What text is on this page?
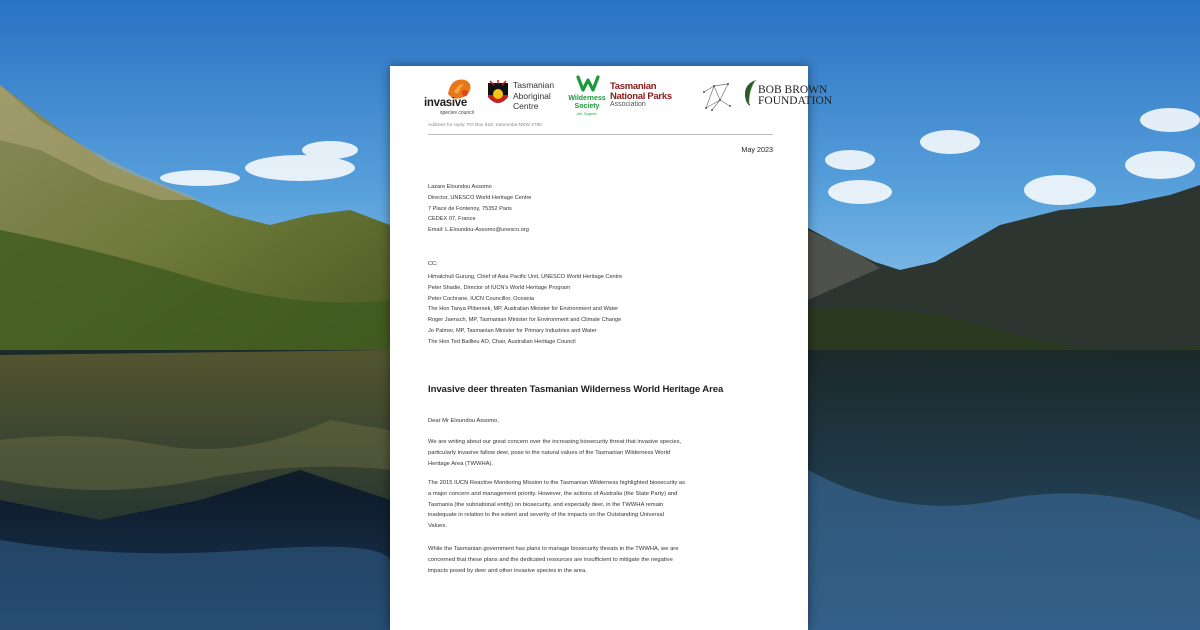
invasive
species council
Tasmanian
Aboriginal
Centre
Wilderness
Society
Life. Support.
Tasmanian
National Parks
Association
BOB BROWN
FOUNDATION
Address for reply: PO Box 818, Katoomba NSW 2780
May 2023
Lazare Eloundou Assomo
Director, UNESCO World Heritage Centre
7 Place de Fontenoy, 75352 Paris
CEDEX 07, France
Email: L.Eloundou-Assomo@unesco.org
CC:
Himalchuli Gurung, Chief of Asia Pacific Unit, UNESCO World Heritage Centre
Peter Shadie, Director of IUCN's World Heritage Program
Peter Cochrane, IUCN Councillor, Oceania
The Hon Tanya Plibersek, MP, Australian Minister for Environment and Water
Roger Jaensch, MP, Tasmanian Minister for Environment and Climate Change
Jo Palmer, MP, Tasmanian Minister for Primary Industries and Water
The Hon Ted Baillieu AO, Chair, Australian Heritage Council
Invasive deer threaten Tasmanian Wilderness World Heritage Area
Dear Mr Eloundou Assomo,
We are writing about our great concern over the increasing biosecurity threat that invasive species,
particularly invasive fallow deer, pose to the natural values of the Tasmanian Wilderness World
Heritage Area (TWWHA).
The 2015 IUCN Reactive Monitoring Mission to the Tasmanian Wilderness highlighted biosecurity as
a major concern and management priority. However, the actions of Australia (the State Party) and
Tasmania (the subnational entity) on biosecurity, and especially deer, in the TWWHA remain
inadequate in relation to the extent and severity of the impacts on the Outstanding Universal
Values.
While the Tasmanian government has plans to manage biosecurity threats in the TWWHA, we are
concerned that these plans and the dedicated resources are insufficient to mitigate the negative
impacts posed by deer and other invasive species in the area.
